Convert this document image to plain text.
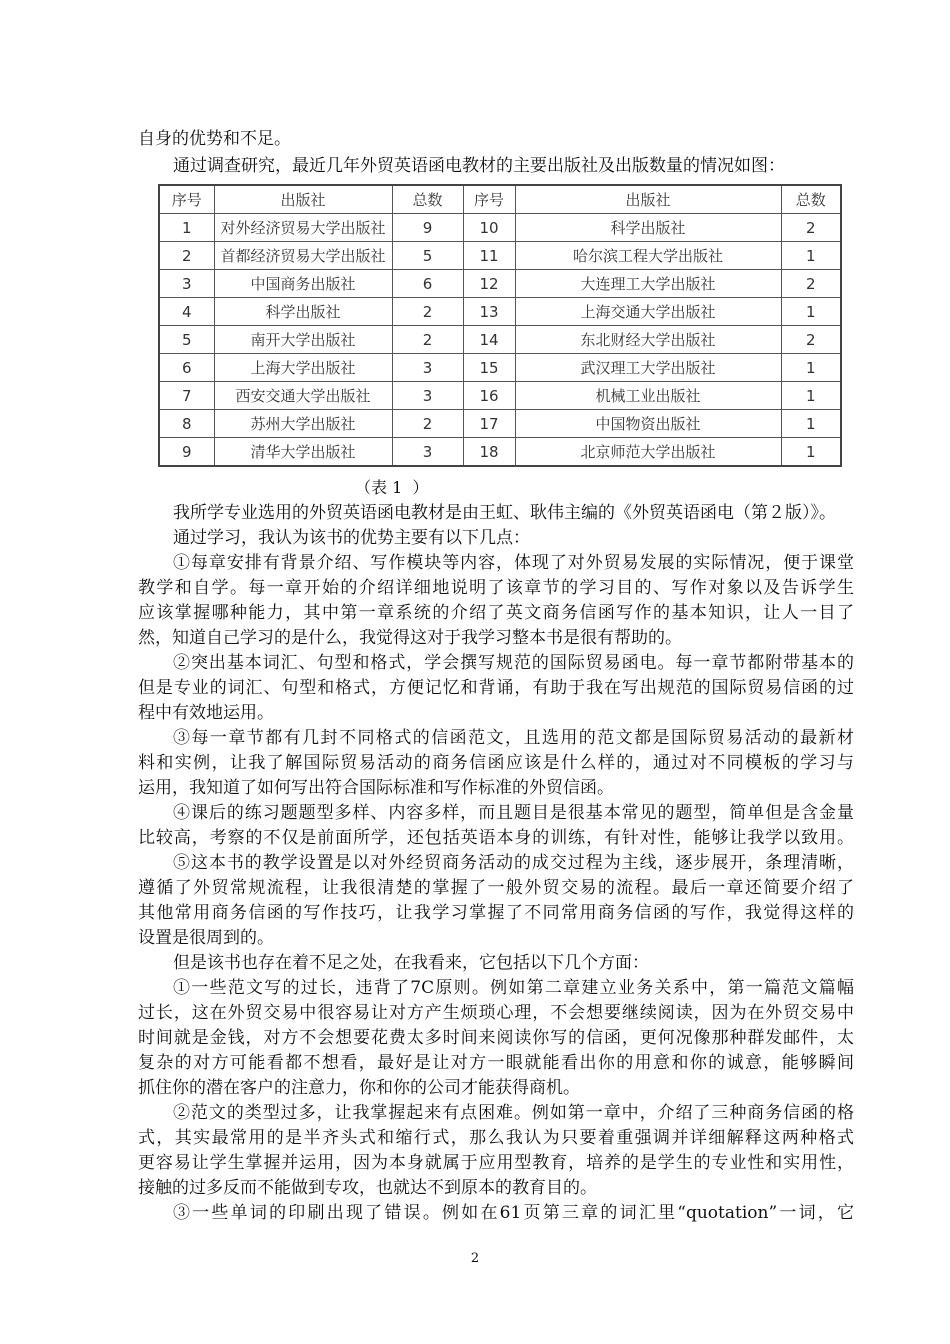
自身的优势和不足。
通过调查研究，最近几年外贸英语函电教材的主要出版社及出版数量的情况如图：
序号	出版社	总数	序号	出版社	总数
1	对外经济贸易大学出版社	9	10	科学出版社	2
2	首都经济贸易大学出版社	5	11	哈尔滨工程大学出版社	1
3	中国商务出版社	6	12	大连理工大学出版社	2
4	科学出版社	2	13	上海交通大学出版社	1
5	南开大学出版社	2	14	东北财经大学出版社	2
6	上海大学出版社	3	15	武汉理工大学出版社	1
7	西安交通大学出版社	3	16	机械工业出版社	1
8	苏州大学出版社	2	17	中国物资出版社	1
9	清华大学出版社	3	18	北京师范大学出版社	1
（表 1  ）
我所学专业选用的外贸英语函电教材是由王虹、耿伟主编的《外贸英语函电（第２版）》。
通过学习，我认为该书的优势主要有以下几点：
①每章安排有背景介绍、写作模块等内容，体现了对外贸易发展的实际情况，便于课堂
教学和自学。每一章开始的介绍详细地说明了该章节的学习目的、写作对象以及告诉学生
应该掌握哪种能力，其中第一章系统的介绍了英文商务信函写作的基本知识，让人一目了
然，知道自己学习的是什么，我觉得这对于我学习整本书是很有帮助的。
②突出基本词汇、句型和格式，学会撰写规范的国际贸易函电。每一章节都附带基本的
但是专业的词汇、句型和格式，方便记忆和背诵，有助于我在写出规范的国际贸易信函的过
程中有效地运用。
③每一章节都有几封不同格式的信函范文，且选用的范文都是国际贸易活动的最新材
料和实例，让我了解国际贸易活动的商务信函应该是什么样的，通过对不同模板的学习与
运用，我知道了如何写出符合国际标准和写作标准的外贸信函。
④课后的练习题题型多样、内容多样，而且题目是很基本常见的题型，简单但是含金量
比较高，考察的不仅是前面所学，还包括英语本身的训练，有针对性，能够让我学以致用。
⑤这本书的教学设置是以对外经贸商务活动的成交过程为主线，逐步展开，条理清晰，
遵循了外贸常规流程，让我很清楚的掌握了一般外贸交易的流程。最后一章还简要介绍了
其他常用商务信函的写作技巧，让我学习掌握了不同常用商务信函的写作，我觉得这样的
设置是很周到的。
但是该书也存在着不足之处，在我看来，它包括以下几个方面：
①一些范文写的过长，违背了7C原则。例如第二章建立业务关系中，第一篇范文篇幅
过长，这在外贸交易中很容易让对方产生烦琐心理，不会想要继续阅读，因为在外贸交易中
时间就是金钱，对方不会想要花费太多时间来阅读你写的信函，更何况像那种群发邮件，太
复杂的对方可能看都不想看，最好是让对方一眼就能看出你的用意和你的诚意，能够瞬间
抓住你的潜在客户的注意力，你和你的公司才能获得商机。
②范文的类型过多，让我掌握起来有点困难。例如第一章中，介绍了三种商务信函的格
式，其实最常用的是半齐头式和缩行式，那么我认为只要着重强调并详细解释这两种格式
更容易让学生掌握并运用，因为本身就属于应用型教育，培养的是学生的专业性和实用性，
接触的过多反而不能做到专攻，也就达不到原本的教育目的。
③一些单词的印刷出现了错误。例如在61页第三章的词汇里“quotation”一词，它
2
